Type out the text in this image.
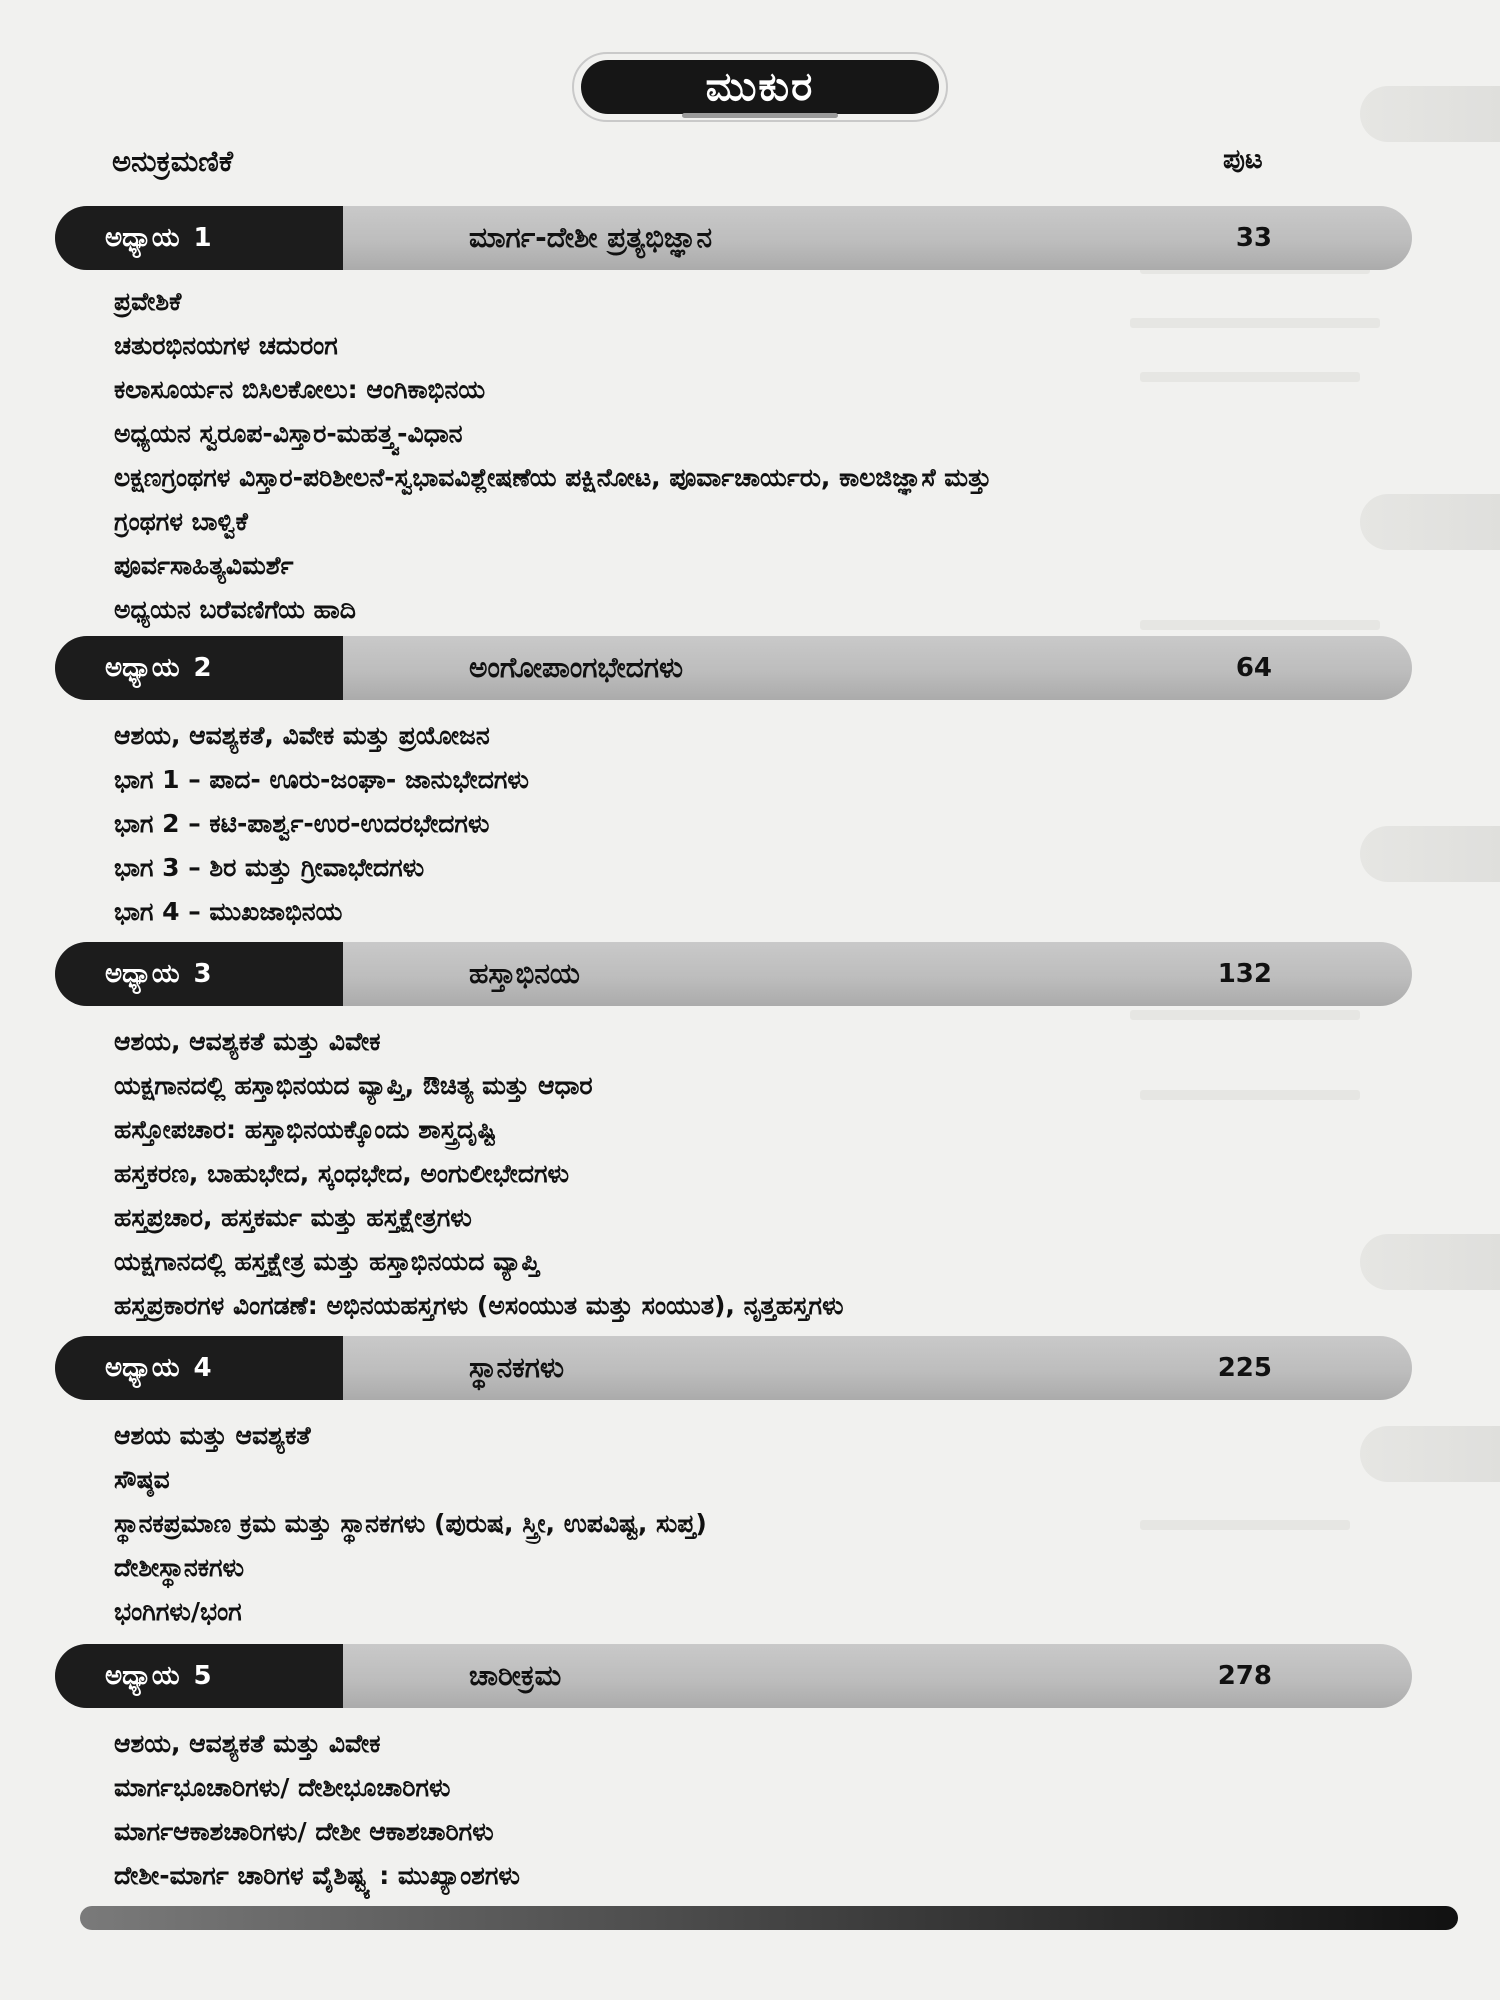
ಮುಕುರ
ಅನುಕ್ರಮಣಿಕೆ	ಪುಟ
ಅಧ್ಯಾಯ 1	ಮಾರ್ಗ-ದೇಶೀ ಪ್ರತ್ಯಭಿಜ್ಞಾನ	33
ಪ್ರವೇಶಿಕೆ
ಚತುರಭಿನಯಗಳ ಚದುರಂಗ
ಕಲಾಸೂರ್ಯನ ಬಿಸಿಲಕೋಲು: ಆಂಗಿಕಾಭಿನಯ
ಅಧ್ಯಯನ ಸ್ವರೂಪ-ವಿಸ್ತಾರ-ಮಹತ್ತ್ವ-ವಿಧಾನ
ಲಕ್ಷಣಗ್ರಂಥಗಳ ವಿಸ್ತಾರ-ಪರಿಶೀಲನೆ-ಸ್ವಭಾವವಿಶ್ಲೇಷಣೆಯ ಪಕ್ಷಿನೋಟ, ಪೂರ್ವಾಚಾರ್ಯರು, ಕಾಲಜಿಜ್ಞಾಸೆ ಮತ್ತು
ಗ್ರಂಥಗಳ ಬಾಳ್ವಿಕೆ
ಪೂರ್ವಸಾಹಿತ್ಯವಿಮರ್ಶೆ
ಅಧ್ಯಯನ ಬರೆವಣಿಗೆಯ ಹಾದಿ
ಅಧ್ಯಾಯ 2	ಅಂಗೋಪಾಂಗಭೇದಗಳು	64
ಆಶಯ, ಆವಶ್ಯಕತೆ, ವಿವೇಕ ಮತ್ತು ಪ್ರಯೋಜನ
ಭಾಗ 1 – ಪಾದ- ಊರು-ಜಂಘಾ- ಜಾನುಭೇದಗಳು
ಭಾಗ 2 – ಕಟಿ-ಪಾರ್ಶ್ವ-ಉರ-ಉದರಭೇದಗಳು
ಭಾಗ 3 – ಶಿರ ಮತ್ತು ಗ್ರೀವಾಭೇದಗಳು
ಭಾಗ 4 – ಮುಖಜಾಭಿನಯ
ಅಧ್ಯಾಯ 3	ಹಸ್ತಾಭಿನಯ	132
ಆಶಯ, ಆವಶ್ಯಕತೆ ಮತ್ತು ವಿವೇಕ
ಯಕ್ಷಗಾನದಲ್ಲಿ ಹಸ್ತಾಭಿನಯದ ವ್ಯಾಪ್ತಿ, ಔಚಿತ್ಯ ಮತ್ತು ಆಧಾರ
ಹಸ್ತೋಪಚಾರ: ಹಸ್ತಾಭಿನಯಕ್ಕೊಂದು ಶಾಸ್ತ್ರದೃಷ್ಟಿ
ಹಸ್ತಕರಣ, ಬಾಹುಭೇದ, ಸ್ಕಂಧಭೇದ, ಅಂಗುಲೀಭೇದಗಳು
ಹಸ್ತಪ್ರಚಾರ, ಹಸ್ತಕರ್ಮ ಮತ್ತು ಹಸ್ತಕ್ಷೇತ್ರಗಳು
ಯಕ್ಷಗಾನದಲ್ಲಿ ಹಸ್ತಕ್ಷೇತ್ರ ಮತ್ತು ಹಸ್ತಾಭಿನಯದ ವ್ಯಾಪ್ತಿ
ಹಸ್ತಪ್ರಕಾರಗಳ ವಿಂಗಡಣೆ: ಅಭಿನಯಹಸ್ತಗಳು (ಅಸಂಯುತ ಮತ್ತು ಸಂಯುತ), ನೃತ್ತಹಸ್ತಗಳು
ಅಧ್ಯಾಯ 4	ಸ್ಥಾನಕಗಳು	225
ಆಶಯ ಮತ್ತು ಆವಶ್ಯಕತೆ
ಸೌಷ್ಠವ
ಸ್ಥಾನಕಪ್ರಮಾಣ ಕ್ರಮ ಮತ್ತು ಸ್ಥಾನಕಗಳು (ಪುರುಷ, ಸ್ತ್ರೀ, ಉಪವಿಷ್ಟ, ಸುಪ್ತ)
ದೇಶೀಸ್ಥಾನಕಗಳು
ಭಂಗಿಗಳು/ಭಂಗ
ಅಧ್ಯಾಯ 5	ಚಾರೀಕ್ರಮ	278
ಆಶಯ, ಆವಶ್ಯಕತೆ ಮತ್ತು ವಿವೇಕ
ಮಾರ್ಗಭೂಚಾರಿಗಳು/ ದೇಶೀಭೂಚಾರಿಗಳು
ಮಾರ್ಗಆಕಾಶಚಾರಿಗಳು/ ದೇಶೀ ಆಕಾಶಚಾರಿಗಳು
ದೇಶೀ-ಮಾರ್ಗ ಚಾರಿಗಳ ವೈಶಿಷ್ಟ್ಯ : ಮುಖ್ಯಾಂಶಗಳು
